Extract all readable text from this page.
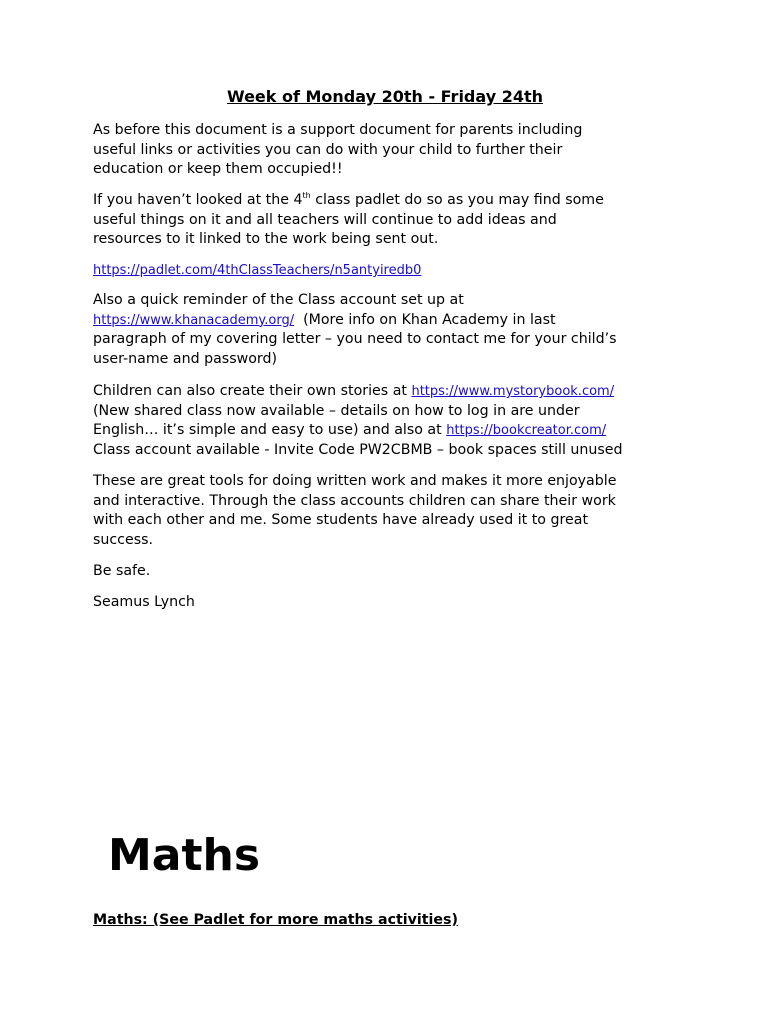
Week of Monday 20th - Friday 24th
As before this document is a support document for parents including
useful links or activities you can do with your child to further their
education or keep them occupied!!
If you haven’t looked at the 4th class padlet do so as you may find some
useful things on it and all teachers will continue to add ideas and
resources to it linked to the work being sent out.
https://padlet.com/4thClassTeachers/n5antyiredb0
Also a quick reminder of the Class account set up at
https://www.khanacademy.org/  (More info on Khan Academy in last
paragraph of my covering letter – you need to contact me for your child’s
user-name and password)
Children can also create their own stories at https://www.mystorybook.com/
(New shared class now available – details on how to log in are under
English… it’s simple and easy to use) and also at https://bookcreator.com/
Class account available - Invite Code PW2CBMB – book spaces still unused
These are great tools for doing written work and makes it more enjoyable
and interactive. Through the class accounts children can share their work
with each other and me. Some students have already used it to great
success.
Be safe.
Seamus Lynch
Maths
Maths: (See Padlet for more maths activities)
